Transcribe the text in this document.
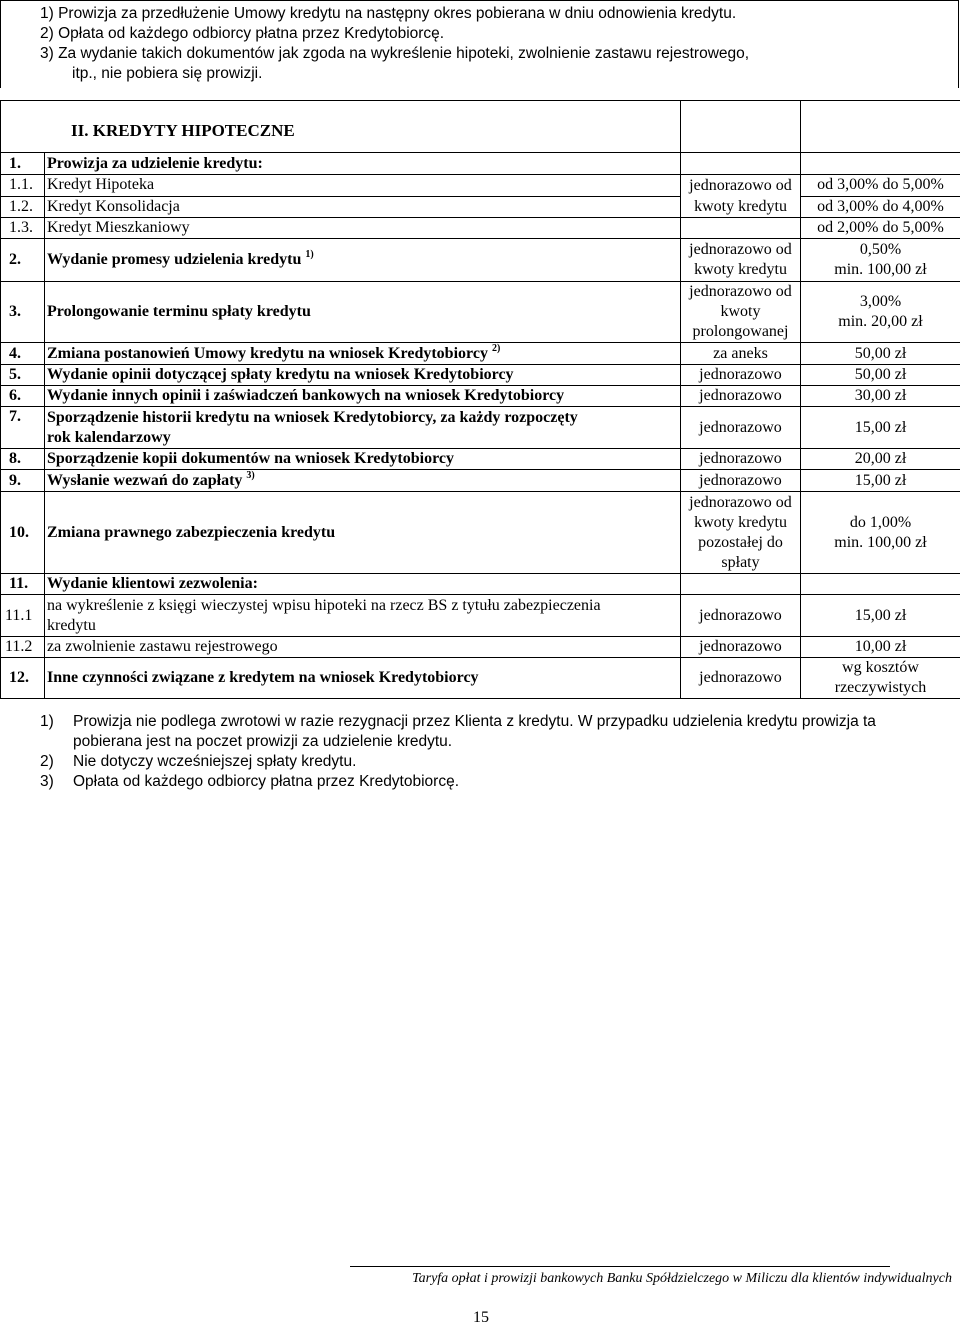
1) Prowizja za przedłużenie Umowy kredytu na następny okres pobierana w dniu odnowienia kredytu.
2) Opłata od każdego odbiorcy płatna przez Kredytobiorcę.
3) Za wydanie takich dokumentów jak zgoda na wykreślenie hipoteki, zwolnienie zastawu rejestrowego,
itp., nie pobiera się prowizji.
II. KREDYTY HIPOTECZNE			
1.	Prowizja za udzielenie kredytu:		
1.1.	Kredyt Hipoteka	jednorazowo od
kwoty kredytu	od 3,00% do 5,00%
1.2.	Kredyt Konsolidacja		od 3,00% do 4,00%
1.3.	Kredyt Mieszkaniowy		od 2,00% do 5,00%
2.	Wydanie promesy udzielenia kredytu $^{1)}$	jednorazowo od
kwoty kredytu	0,50%
min. 100,00 zł
3.	Prolongowanie terminu spłaty kredytu	jednorazowo od
kwoty
prolongowanej	3,00%
min. 20,00 zł
4.	Zmiana postanowień Umowy kredytu na wniosek Kredytobiorcy $^{2)}$	za aneks	50,00 zł
5.	Wydanie opinii dotyczącej spłaty kredytu na wniosek Kredytobiorcy	jednorazowo	50,00 zł
6.	Wydanie innych opinii i zaświadczeń bankowych na wniosek Kredytobiorcy	jednorazowo	30,00 zł
7.	Sporządzenie historii kredytu na wniosek Kredytobiorcy, za każdy rozpoczęty
rok kalendarzowy	jednorazowo	15,00 zł
8.	Sporządzenie kopii dokumentów na wniosek Kredytobiorcy	jednorazowo	20,00 zł
9.	Wysłanie wezwań do zapłaty $^{3)}$	jednorazowo	15,00 zł
10.	Zmiana prawnego zabezpieczenia kredytu	jednorazowo od
kwoty kredytu
pozostałej do
spłaty	do 1,00%
min. 100,00 zł
11.	Wydanie klientowi zezwolenia:		
11.1	na wykreślenie z księgi wieczystej wpisu hipoteki na rzecz BS z tytułu zabezpieczenia
kredytu	jednorazowo	15,00 zł
11.2	za zwolnienie zastawu rejestrowego	jednorazowo	10,00 zł
12.	Inne czynności związane z kredytem na wniosek Kredytobiorcy	jednorazowo	wg kosztów
rzeczywistych
1)	Prowizja nie podlega zwrotowi w razie rezygnacji przez Klienta z kredytu. W przypadku udzielenia kredytu prowizja ta pobierana jest na poczet prowizji za udzielenie kredytu.
2)	Nie dotyczy wcześniejszej spłaty kredytu.
3)	Opłata od każdego odbiorcy płatna przez Kredytobiorcę.
Taryfa opłat i prowizji bankowych Banku Spółdzielczego w Miliczu dla klientów indywidualnych
15
